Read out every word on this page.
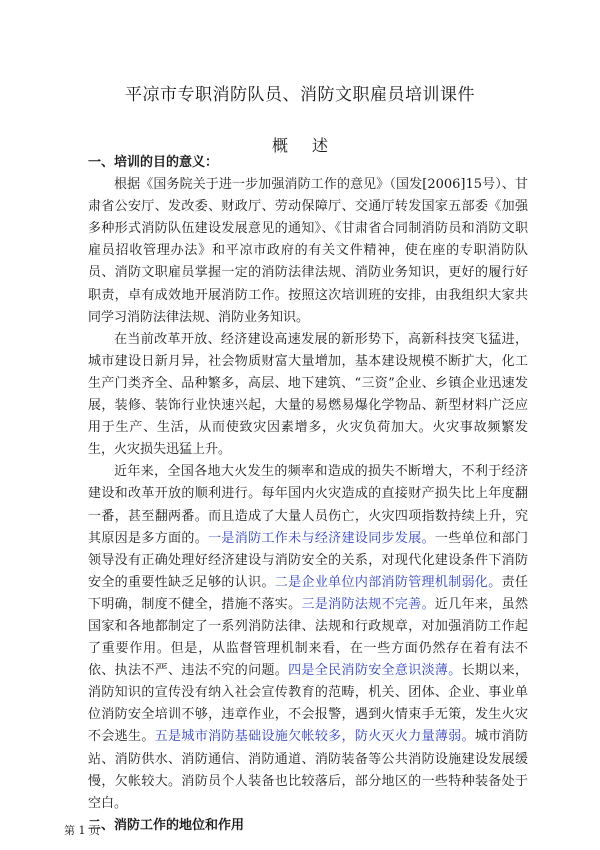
平凉市专职消防队员、消防文职雇员培训课件
概述

一、培训的目的意义：

根据《国务院关于进一步加强消防工作的意见》（国发[2006]15号）、甘肃省公安厅、发改委、财政厅、劳动保障厅、交通厅转发国家五部委《加强多种形式消防队伍建设发展意见的通知》、《甘肃省合同制消防员和消防文职雇员招收管理办法》和平凉市政府的有关文件精神，使在座的专职消防队员、消防文职雇员掌握一定的消防法律法规、消防业务知识，更好的履行好职责，卓有成效地开展消防工作。按照这次培训班的安排，由我组织大家共同学习消防法律法规、消防业务知识。

在当前改革开放、经济建设高速发展的新形势下，高新科技突飞猛进，城市建设日新月异，社会物质财富大量增加，基本建设规模不断扩大，化工生产门类齐全、品种繁多，高层、地下建筑、“三资”企业、乡镇企业迅速发展，装修、装饰行业快速兴起，大量的易燃易爆化学物品、新型材料广泛应用于生产、生活，从而使致灾因素增多，火灾负荷加大。火灾事故频繁发生，火灾损失迅猛上升。

近年来，全国各地大火发生的频率和造成的损失不断增大，不利于经济建设和改革开放的顺利进行。每年国内火灾造成的直接财产损失比上年度翻一番，甚至翻两番。而且造成了大量人员伤亡，火灾四项指数持续上升，究其原因是多方面的。一是消防工作未与经济建设同步发展。一些单位和部门领导没有正确处理好经济建设与消防安全的关系，对现代化建设条件下消防安全的重要性缺乏足够的认识。二是企业单位内部消防管理机制弱化。责任下明确，制度不健全，措施不落实。三是消防法规不完善。近几年来，虽然国家和各地都制定了一系列消防法律、法规和行政规章，对加强消防工作起了重要作用。但是，从监督管理机制来看，在一些方面仍然存在着有法不依、执法不严、违法不究的问题。四是全民消防安全意识淡薄。长期以来，消防知识的宣传没有纳入社会宣传教育的范畴，机关、团体、企业、事业单位消防安全培训不够，违章作业，不会报警，遇到火情束手无策，发生火灾不会逃生。五是城市消防基础设施欠帐较多，防火灭火力量薄弱。城市消防站、消防供水、消防通信、消防通道、消防装备等公共消防设施建设发展缓慢，欠帐较大。消防员个人装备也比较落后，部分地区的一些特种装备处于空白。

二、消防工作的地位和作用

第 1 页
